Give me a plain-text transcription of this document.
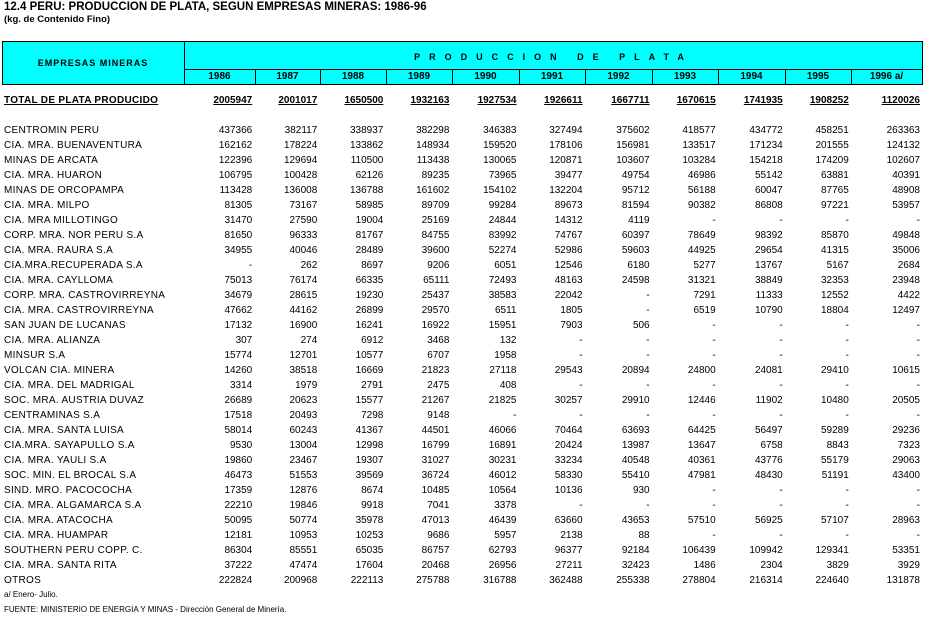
12.4 PERU: PRODUCCION DE PLATA, SEGUN EMPRESAS MINERAS: 1986-96
(kg. de Contenido Fino)
EMPRESAS MINERAS
PRODUCCION DE PLATA
1986	1987	1988	1989	1990	1991	1992	1993	1994	1995	1996 a/
TOTAL DE PLATA PRODUCIDO	2005947	2001017	1650500	1932163	1927534	1926611	1667711	1670615	1741935	1908252	1120026

CENTROMIN PERU	437366	382117	338937	382298	346383	327494	375602	418577	434772	458251	263363
CIA. MRA. BUENAVENTURA	162162	178224	133862	148934	159520	178106	156981	133517	171234	201555	124132
MINAS DE ARCATA	122396	129694	110500	113438	130065	120871	103607	103284	154218	174209	102607
CIA. MRA. HUARON	106795	100428	62126	89235	73965	39477	49754	46986	55142	63881	40391
MINAS DE ORCOPAMPA	113428	136008	136788	161602	154102	132204	95712	56188	60047	87765	48908
CIA. MRA. MILPO	81305	73167	58985	89709	99284	89673	81594	90382	86808	97221	53957
CIA. MRA MILLOTINGO	31470	27590	19004	25169	24844	14312	4119	-	-	-	-
CORP. MRA. NOR PERU S.A	81650	96333	81767	84755	83992	74767	60397	78649	98392	85870	49848
CIA. MRA. RAURA S.A	34955	40046	28489	39600	52274	52986	59603	44925	29654	41315	35006
CIA.MRA.RECUPERADA S.A	-	262	8697	9206	6051	12546	6180	5277	13767	5167	2684
CIA. MRA. CAYLLOMA	75013	76174	66335	65111	72493	48163	24598	31321	38849	32353	23948
CORP. MRA. CASTROVIRREYNA	34679	28615	19230	25437	38583	22042	-	7291	11333	12552	4422
CIA. MRA. CASTROVIRREYNA	47662	44162	26899	29570	6511	1805	-	6519	10790	18804	12497
SAN JUAN DE LUCANAS	17132	16900	16241	16922	15951	7903	506	-	-	-	-
CIA. MRA. ALIANZA	307	274	6912	3468	132	-	-	-	-	-	-
MINSUR S.A	15774	12701	10577	6707	1958	-	-	-	-	-	-
VOLCAN CIA. MINERA	14260	38518	16669	21823	27118	29543	20894	24800	24081	29410	10615
CIA. MRA. DEL MADRIGAL	3314	1979	2791	2475	408	-	-	-	-	-	-
SOC. MRA. AUSTRIA DUVAZ	26689	20623	15577	21267	21825	30257	29910	12446	11902	10480	20505
CENTRAMINAS S.A	17518	20493	7298	9148	-	-	-	-	-	-	-
CIA. MRA. SANTA LUISA	58014	60243	41367	44501	46066	70464	63693	64425	56497	59289	29236
CIA.MRA. SAYAPULLO S.A	9530	13004	12998	16799	16891	20424	13987	13647	6758	8843	7323
CIA. MRA. YAULI S.A	19860	23467	19307	31027	30231	33234	40548	40361	43776	55179	29063
SOC. MIN. EL BROCAL S.A	46473	51553	39569	36724	46012	58330	55410	47981	48430	51191	43400
SIND. MRO. PACOCOCHA	17359	12876	8674	10485	10564	10136	930	-	-	-	-
CIA. MRA. ALGAMARCA S.A	22210	19846	9918	7041	3378	-	-	-	-	-	-
CIA. MRA. ATACOCHA	50095	50774	35978	47013	46439	63660	43653	57510	56925	57107	28963
CIA. MRA. HUAMPAR	12181	10953	10253	9686	5957	2138	88	-	-	-	-
SOUTHERN PERU COPP. C.	86304	85551	65035	86757	62793	96377	92184	106439	109942	129341	53351
CIA. MRA. SANTA RITA	37222	47474	17604	20468	26956	27211	32423	1486	2304	3829	3929
OTROS	222824	200968	222113	275788	316788	362488	255338	278804	216314	224640	131878
a/ Enero- Julio.
FUENTE: MINISTERIO DE ENERGIA Y MINAS - Dirección General de Minería.
